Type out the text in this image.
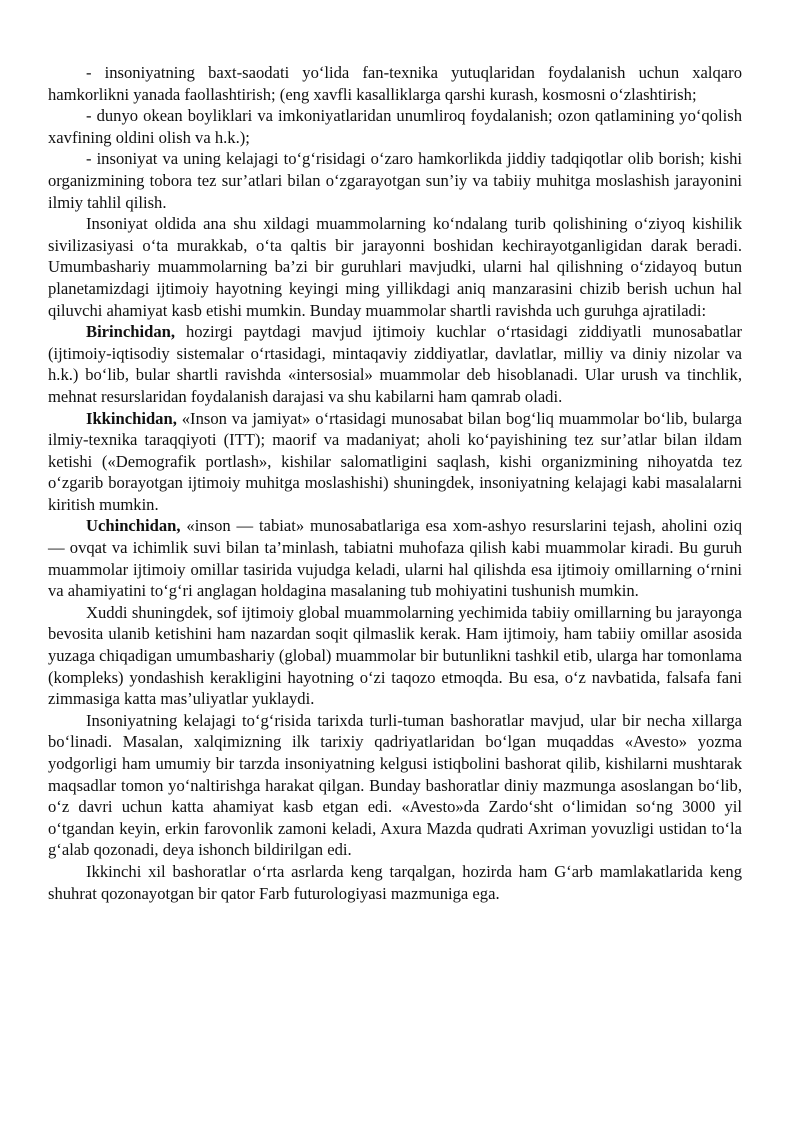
- insoniyatning baxt-saodati yo‘lida fan-texnika yutuqlaridan foydalanish uchun xalqaro hamkorlikni yanada faollashtirish; (eng xavfli kasalliklarga qarshi kurash, kosmosni o‘zlashtirish;

- dunyo okean boyliklari va imkoniyatlaridan unumliroq foydalanish; ozon qatlamining yo‘qolish xavfining oldini olish va h.k.);

- insoniyat va uning kelajagi to‘g‘risidagi o‘zaro hamkorlikda jiddiy tadqiqotlar olib borish; kishi organizmining tobora tez sur’atlari bilan o‘zgarayotgan sun’iy va tabiiy muhitga moslashish jarayonini ilmiy tahlil qilish.

Insoniyat oldida ana shu xildagi muammolarning ko‘ndalang turib qolishining o‘ziyoq kishilik sivilizasiyasi o‘ta murakkab, o‘ta qaltis bir jarayonni boshidan kechirayotganligidan darak beradi. Umumbashariy muammolarning ba’zi bir guruhlari mavjudki, ularni hal qilishning o‘zidayoq butun planetamizdagi ijtimoiy hayotning keyingi ming yillikdagi aniq manzarasini chizib berish uchun hal qiluvchi ahamiyat kasb etishi mumkin. Bunday muammolar shartli ravishda uch guruhga ajratiladi:

Birinchidan, hozirgi paytdagi mavjud ijtimoiy kuchlar o‘rtasidagi ziddiyatli munosabatlar (ijtimoiy-iqtisodiy sistemalar o‘rtasidagi, mintaqaviy ziddiyatlar, davlatlar, milliy va diniy nizolar va h.k.) bo‘lib, bular shartli ravishda «intersosial» muammolar deb hisoblanadi. Ular urush va tinchlik, mehnat resurslaridan foydalanish darajasi va shu kabilarni ham qamrab oladi.

Ikkinchidan, «Inson va jamiyat» o‘rtasidagi munosabat bilan bog‘liq muammolar bo‘lib, bularga ilmiy-texnika taraqqiyoti (ITT); maorif va madaniyat; aholi ko‘payishining tez sur’atlar bilan ildam ketishi («Demografik portlash», kishilar salomatligini saqlash, kishi organizmining nihoyatda tez o‘zgarib borayotgan ijtimoiy muhitga moslashishi) shuningdek, insoniyatning kelajagi kabi masalalarni kiritish mumkin.

Uchinchidan, «inson — tabiat» munosabatlariga esa xom-ashyo resurslarini tejash, aholini oziq — ovqat va ichimlik suvi bilan ta’minlash, tabiatni muhofaza qilish kabi muammolar kiradi. Bu guruh muammolar ijtimoiy omillar tasirida vujudga keladi, ularni hal qilishda esa ijtimoiy omillarning o‘rnini va ahamiyatini to‘g‘ri anglagan holdagina masalaning tub mohiyatini tushunish mumkin.

Xuddi shuningdek, sof ijtimoiy global muammolarning yechimida tabiiy omillarning bu jarayonga bevosita ulanib ketishini ham nazardan soqit qilmaslik kerak. Ham ijtimoiy, ham tabiiy omillar asosida yuzaga chiqadigan umumbashariy (global) muammolar bir butunlikni tashkil etib, ularga har tomonlama (kompleks) yondashish kerakligini hayotning o‘zi taqozo etmoqda. Bu esa, o‘z navbatida, falsafa fani zimmasiga katta mas’uliyatlar yuklaydi.

Insoniyatning kelajagi to‘g‘risida tarixda turli-tuman bashoratlar mavjud, ular bir necha xillarga bo‘linadi. Masalan, xalqimizning ilk tarixiy qadriyatlaridan bo‘lgan muqaddas «Avesto» yozma yodgorligi ham umumiy bir tarzda insoniyatning kelgusi istiqbolini bashorat qilib, kishilarni mushtarak maqsadlar tomon yo‘naltirishga harakat qilgan. Bunday bashoratlar diniy mazmunga asoslangan bo‘lib, o‘z davri uchun katta ahamiyat kasb etgan edi. «Avesto»da Zardo‘sht o‘limidan so‘ng 3000 yil o‘tgandan keyin, erkin farovonlik zamoni keladi, Axura Mazda qudrati Axriman yovuzligi ustidan to‘la g‘alab qozonadi, deya ishonch bildirilgan edi.

Ikkinchi xil bashoratlar o‘rta asrlarda keng tarqalgan, hozirda ham G‘arb mamlakatlarida keng shuhrat qozonayotgan bir qator Farb futurologiyasi mazmuniga ega.
